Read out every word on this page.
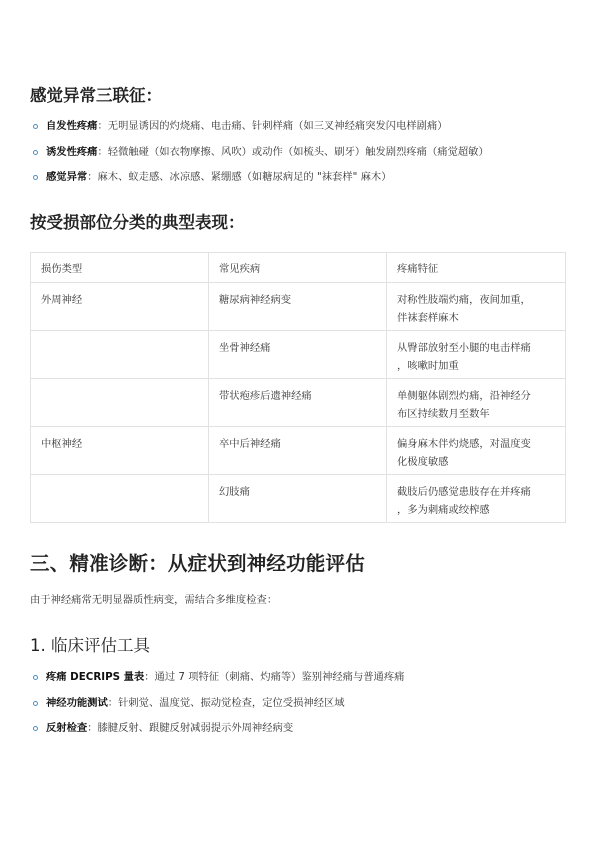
感觉异常三联征：
自发性疼痛：无明显诱因的灼烧痛、电击痛、针刺样痛（如三叉神经痛突发闪电样剧痛）
诱发性疼痛：轻微触碰（如衣物摩擦、风吹）或动作（如梳头、刷牙）触发剧烈疼痛（痛觉超敏）
感觉异常：麻木、蚁走感、冰凉感、紧绷感（如糖尿病足的 "袜套样" 麻木）
按受损部位分类的典型表现：
损伤类型	常见疾病	疼痛特征
外周神经	糖尿病神经病变	对称性肢端灼痛，夜间加重，
伴袜套样麻木
	坐骨神经痛	从臀部放射至小腿的电击样痛
，咳嗽时加重
	带状疱疹后遗神经痛	单侧躯体剧烈灼痛，沿神经分
布区持续数月至数年
中枢神经	卒中后神经痛	偏身麻木伴灼烧感，对温度变
化极度敏感
	幻肢痛	截肢后仍感觉患肢存在并疼痛
，多为刺痛或绞榨感
三、精准诊断：从症状到神经功能评估

由于神经痛常无明显器质性病变，需结合多维度检查：

1. 临床评估工具
疼痛 DECRIPS 量表：通过 7 项特征（刺痛、灼痛等）鉴别神经痛与普通疼痛
神经功能测试：针刺觉、温度觉、振动觉检查，定位受损神经区域
反射检查：膝腱反射、跟腱反射减弱提示外周神经病变
